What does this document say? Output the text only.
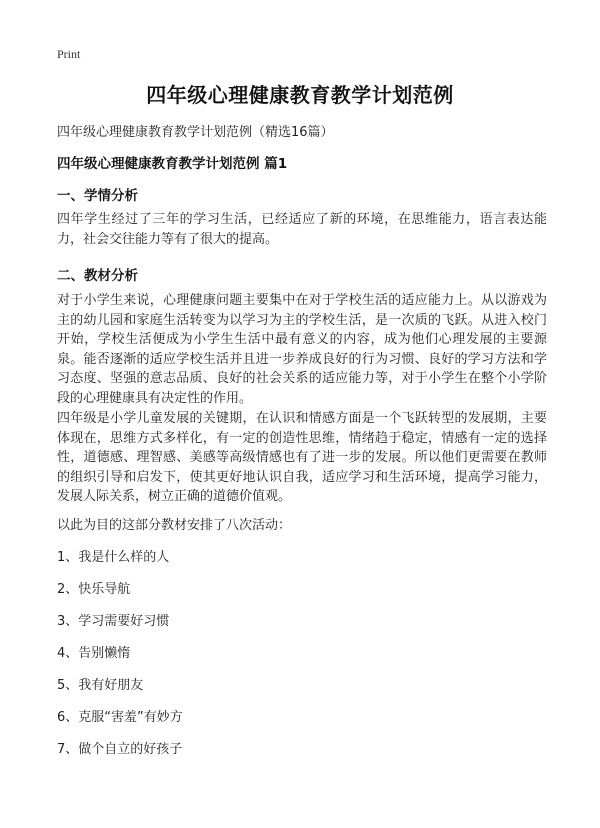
Print
四年级心理健康教育教学计划范例
四年级心理健康教育教学计划范例（精选16篇）
四年级心理健康教育教学计划范例 篇1
一、学情分析

四年学生经过了三年的学习生活，已经适应了新的环境，在思维能力，语言表达能力，社会交往能力等有了很大的提高。

二、教材分析

对于小学生来说，心理健康问题主要集中在对于学校生活的适应能力上。从以游戏为主的幼儿园和家庭生活转变为以学习为主的学校生活，是一次质的飞跃。从进入校门开始，学校生活便成为小学生生活中最有意义的内容，成为他们心理发展的主要源泉。能否逐渐的适应学校生活并且进一步养成良好的行为习惯、良好的学习方法和学习态度、坚强的意志品质、良好的社会关系的适应能力等，对于小学生在整个小学阶段的心理健康具有决定性的作用。

四年级是小学儿童发展的关键期，在认识和情感方面是一个飞跃转型的发展期，主要体现在，思维方式多样化，有一定的创造性思维，情绪趋于稳定，情感有一定的选择性，道德感、理智感、美感等高级情感也有了进一步的发展。所以他们更需要在教师的组织引导和启发下，使其更好地认识自我，适应学习和生活环境，提高学习能力，发展人际关系，树立正确的道德价值观。

以此为目的这部分教材安排了八次活动：

1、我是什么样的人
2、快乐导航
3、学习需要好习惯
4、告别懒惰
5、我有好朋友
6、克服“害羞”有妙方
7、做个自立的好孩子
